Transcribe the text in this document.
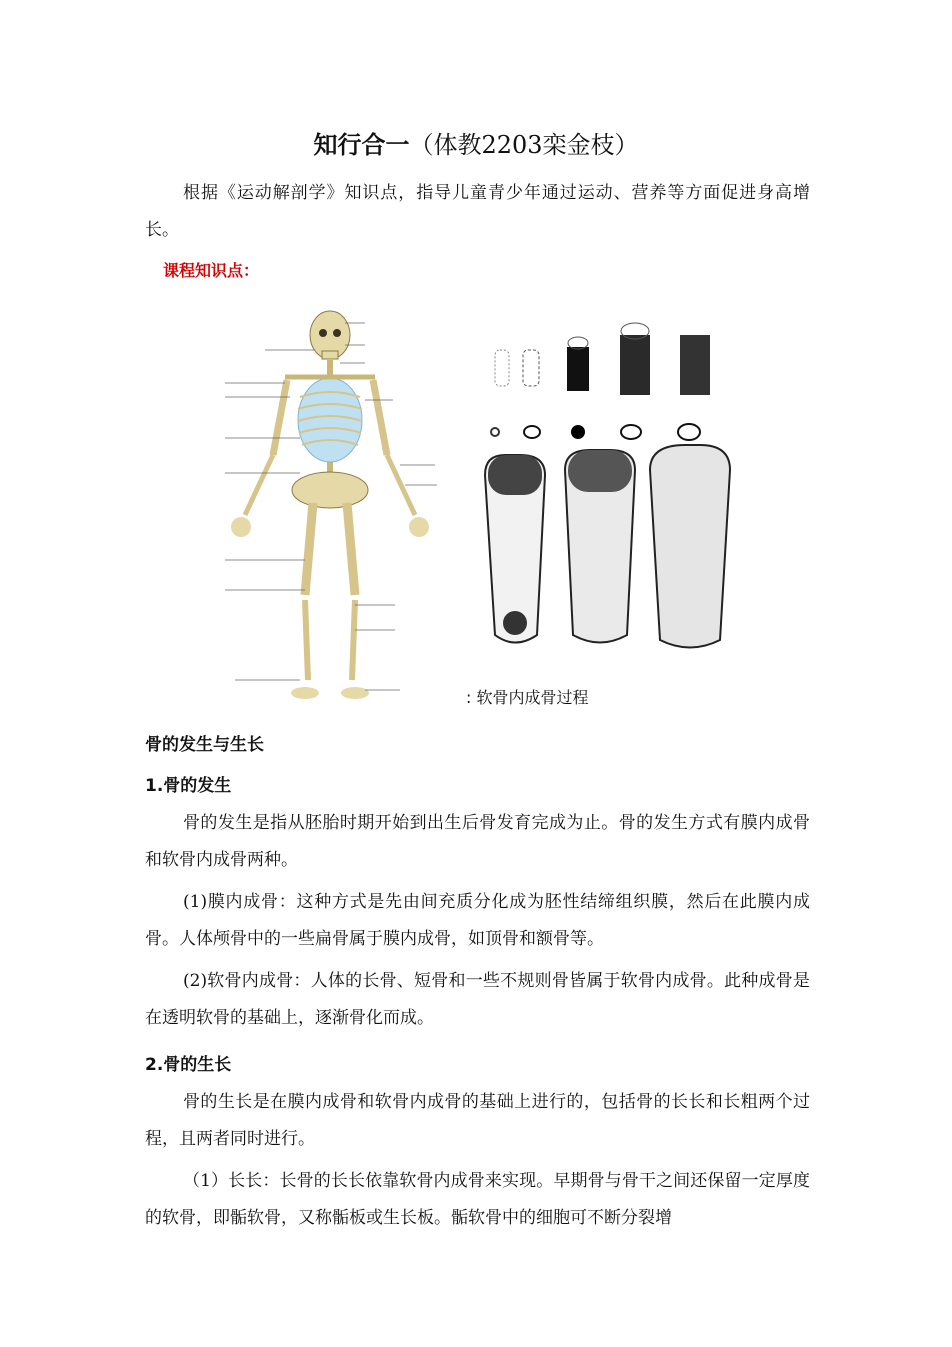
知行合一（体教2203栾金枝）
根据《运动解剖学》知识点，指导儿童青少年通过运动、营养等方面促进身高增长。
课程知识点：
: 软骨内成骨过程
骨的发生与生长
1.骨的发生
骨的发生是指从胚胎时期开始到出生后骨发育完成为止。骨的发生方式有膜内成骨和软骨内成骨两种。
(1)膜内成骨：这种方式是先由间充质分化成为胚性结缔组织膜，然后在此膜内成骨。人体颅骨中的一些扁骨属于膜内成骨，如顶骨和额骨等。
(2)软骨内成骨：人体的长骨、短骨和一些不规则骨皆属于软骨内成骨。此种成骨是在透明软骨的基础上，逐渐骨化而成。
2.骨的生长
骨的生长是在膜内成骨和软骨内成骨的基础上进行的，包括骨的长长和长粗两个过程，且两者同时进行。
（1）长长：长骨的长长依靠软骨内成骨来实现。早期骨与骨干之间还保留一定厚度的软骨，即骺软骨，又称骺板或生长板。骺软骨中的细胞可不断分裂增
